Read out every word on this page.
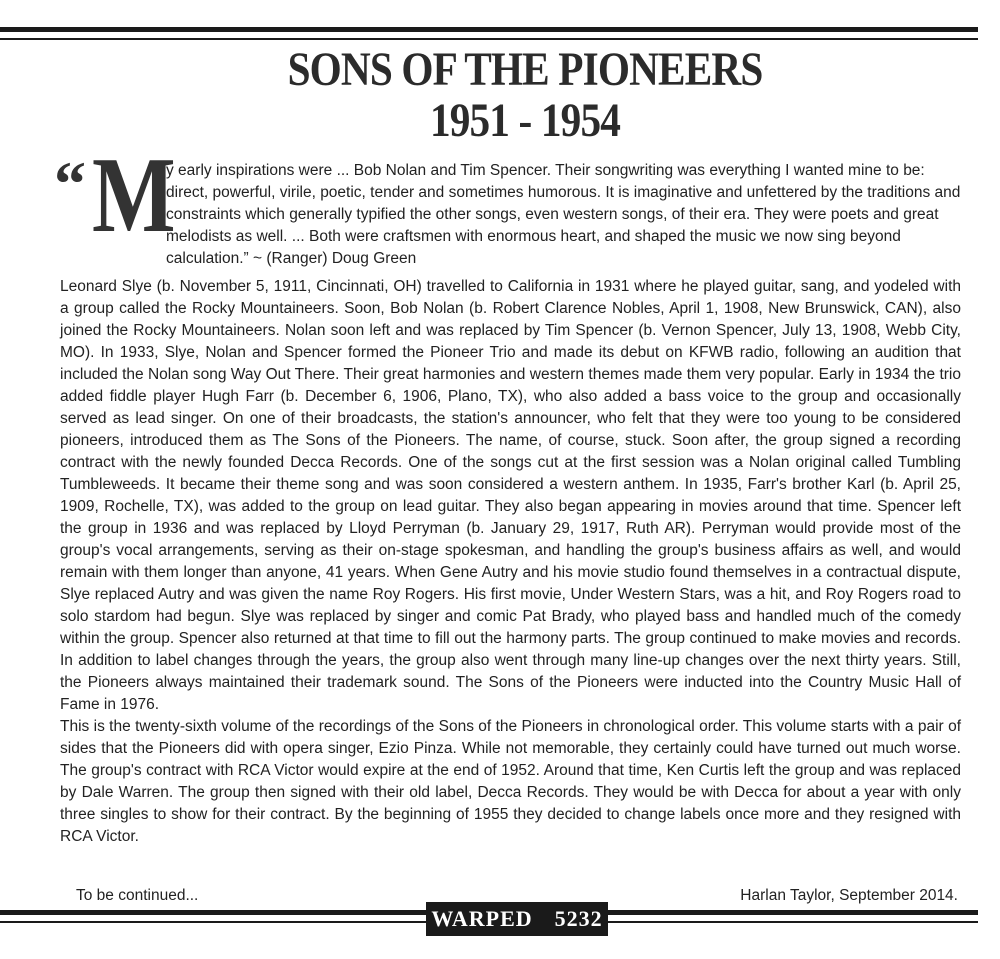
SONS OF THE PIONEERS
1951 - 1954
“ M

y early inspirations were ... Bob Nolan and Tim Spencer. Their songwriting was everything I wanted mine to be: direct, powerful, virile, poetic, tender and sometimes humorous. It is imaginative and unfettered by the traditions and constraints which generally typified the other songs, even western songs, of their era. They were poets and great melodists as well. ... Both were craftsmen with enormous heart, and shaped the music we now sing beyond calculation.” ~ (Ranger) Doug Green

Leonard Slye (b. November 5, 1911, Cincinnati, OH) travelled to California in 1931 where he played guitar, sang, and yodeled with a group called the Rocky Mountaineers. Soon, Bob Nolan (b. Robert Clarence Nobles, April 1, 1908, New Brunswick, CAN), also joined the Rocky Mountaineers. Nolan soon left and was replaced by Tim Spencer (b. Vernon Spencer, July 13, 1908, Webb City, MO). In 1933, Slye, Nolan and Spencer formed the Pioneer Trio and made its debut on KFWB radio, following an audition that included the Nolan song Way Out There. Their great harmonies and western themes made them very popular. Early in 1934 the trio added fiddle player Hugh Farr (b. December 6, 1906, Plano, TX), who also added a bass voice to the group and occasionally served as lead singer. On one of their broadcasts, the station's announcer, who felt that they were too young to be considered pioneers, introduced them as The Sons of the Pioneers. The name, of course, stuck. Soon after, the group signed a recording contract with the newly founded Decca Records. One of the songs cut at the first session was a Nolan original called Tumbling Tumbleweeds. It became their theme song and was soon considered a western anthem. In 1935, Farr's brother Karl (b. April 25, 1909, Rochelle, TX), was added to the group on lead guitar. They also began appearing in movies around that time. Spencer left the group in 1936 and was replaced by Lloyd Perryman (b. January 29, 1917, Ruth AR). Perryman would provide most of the group's vocal arrangements, serving as their on-stage spokesman, and handling the group's business affairs as well, and would remain with them longer than anyone, 41 years. When Gene Autry and his movie studio found themselves in a contractual dispute, Slye replaced Autry and was given the name Roy Rogers. His first movie, Under Western Stars, was a hit, and Roy Rogers road to solo stardom had begun. Slye was replaced by singer and comic Pat Brady, who played bass and handled much of the comedy within the group. Spencer also returned at that time to fill out the harmony parts. The group continued to make movies and records. In addition to label changes through the years, the group also went through many line-up changes over the next thirty years. Still, the Pioneers always maintained their trademark sound. The Sons of the Pioneers were inducted into the Country Music Hall of Fame in 1976.

This is the twenty-sixth volume of the recordings of the Sons of the Pioneers in chronological order. This volume starts with a pair of sides that the Pioneers did with opera singer, Ezio Pinza. While not memorable, they certainly could have turned out much worse. The group's contract with RCA Victor would expire at the end of 1952. Around that time, Ken Curtis left the group and was replaced by Dale Warren. The group then signed with their old label, Decca Records. They would be with Decca for about a year with only three singles to show for their contract. By the beginning of 1955 they decided to change labels once more and they resigned with RCA Victor.

To be continued...	Harlan Taylor, September 2014.
WARPED 5232
